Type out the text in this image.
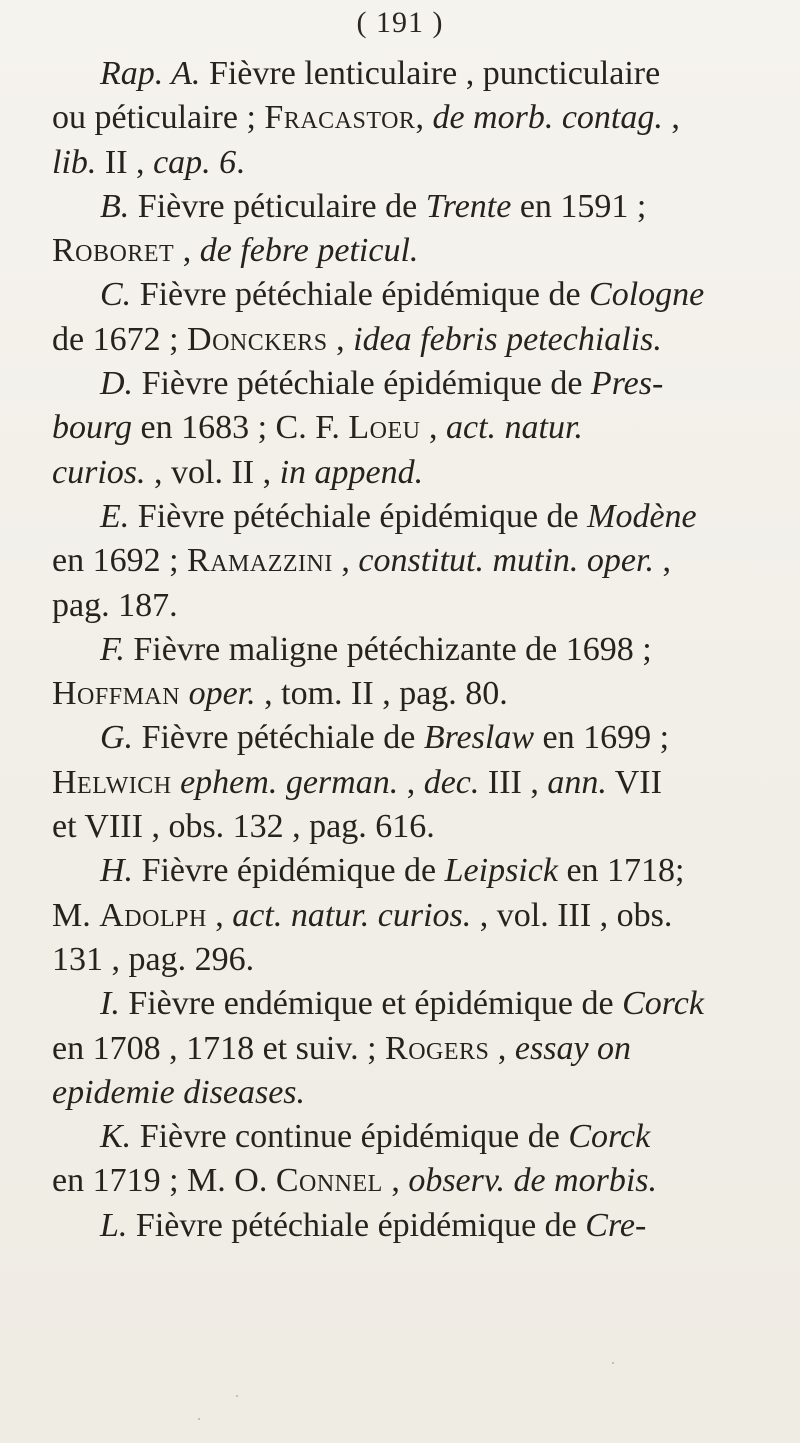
( 191 )
Rap. A. Fièvre lenticulaire , puncticulaire
ou péticulaire ; Fracastor, de morb. contag. ,
lib. II , cap. 6.
B. Fièvre péticulaire de Trente en 1591 ;
Roboret , de febre peticul.
C. Fièvre pétéchiale épidémique de Cologne
de 1672 ; Donckers , idea febris petechialis.
D. Fièvre pétéchiale épidémique de Pres-
bourg en 1683 ; C. F. Loeu , act. natur.
curios. , vol. II , in append.
E. Fièvre pétéchiale épidémique de Modène
en 1692 ; Ramazzini , constitut. mutin. oper. ,
pag. 187.
F. Fièvre maligne pétéchizante de 1698 ;
Hoffman oper. , tom. II , pag. 80.
G. Fièvre pétéchiale de Breslaw en 1699 ;
Helwich ephem. german. , dec. III , ann. VII
et VIII , obs. 132 , pag. 616.
H. Fièvre épidémique de Leipsick en 1718;
M. Adolph , act. natur. curios. , vol. III , obs.
131 , pag. 296.
I. Fièvre endémique et épidémique de Corck
en 1708 , 1718 et suiv. ; Rogers , essay on
epidemie diseases.
K. Fièvre continue épidémique de Corck
en 1719 ; M. O. Connel , observ. de morbis.
L. Fièvre pétéchiale épidémique de Cre-
